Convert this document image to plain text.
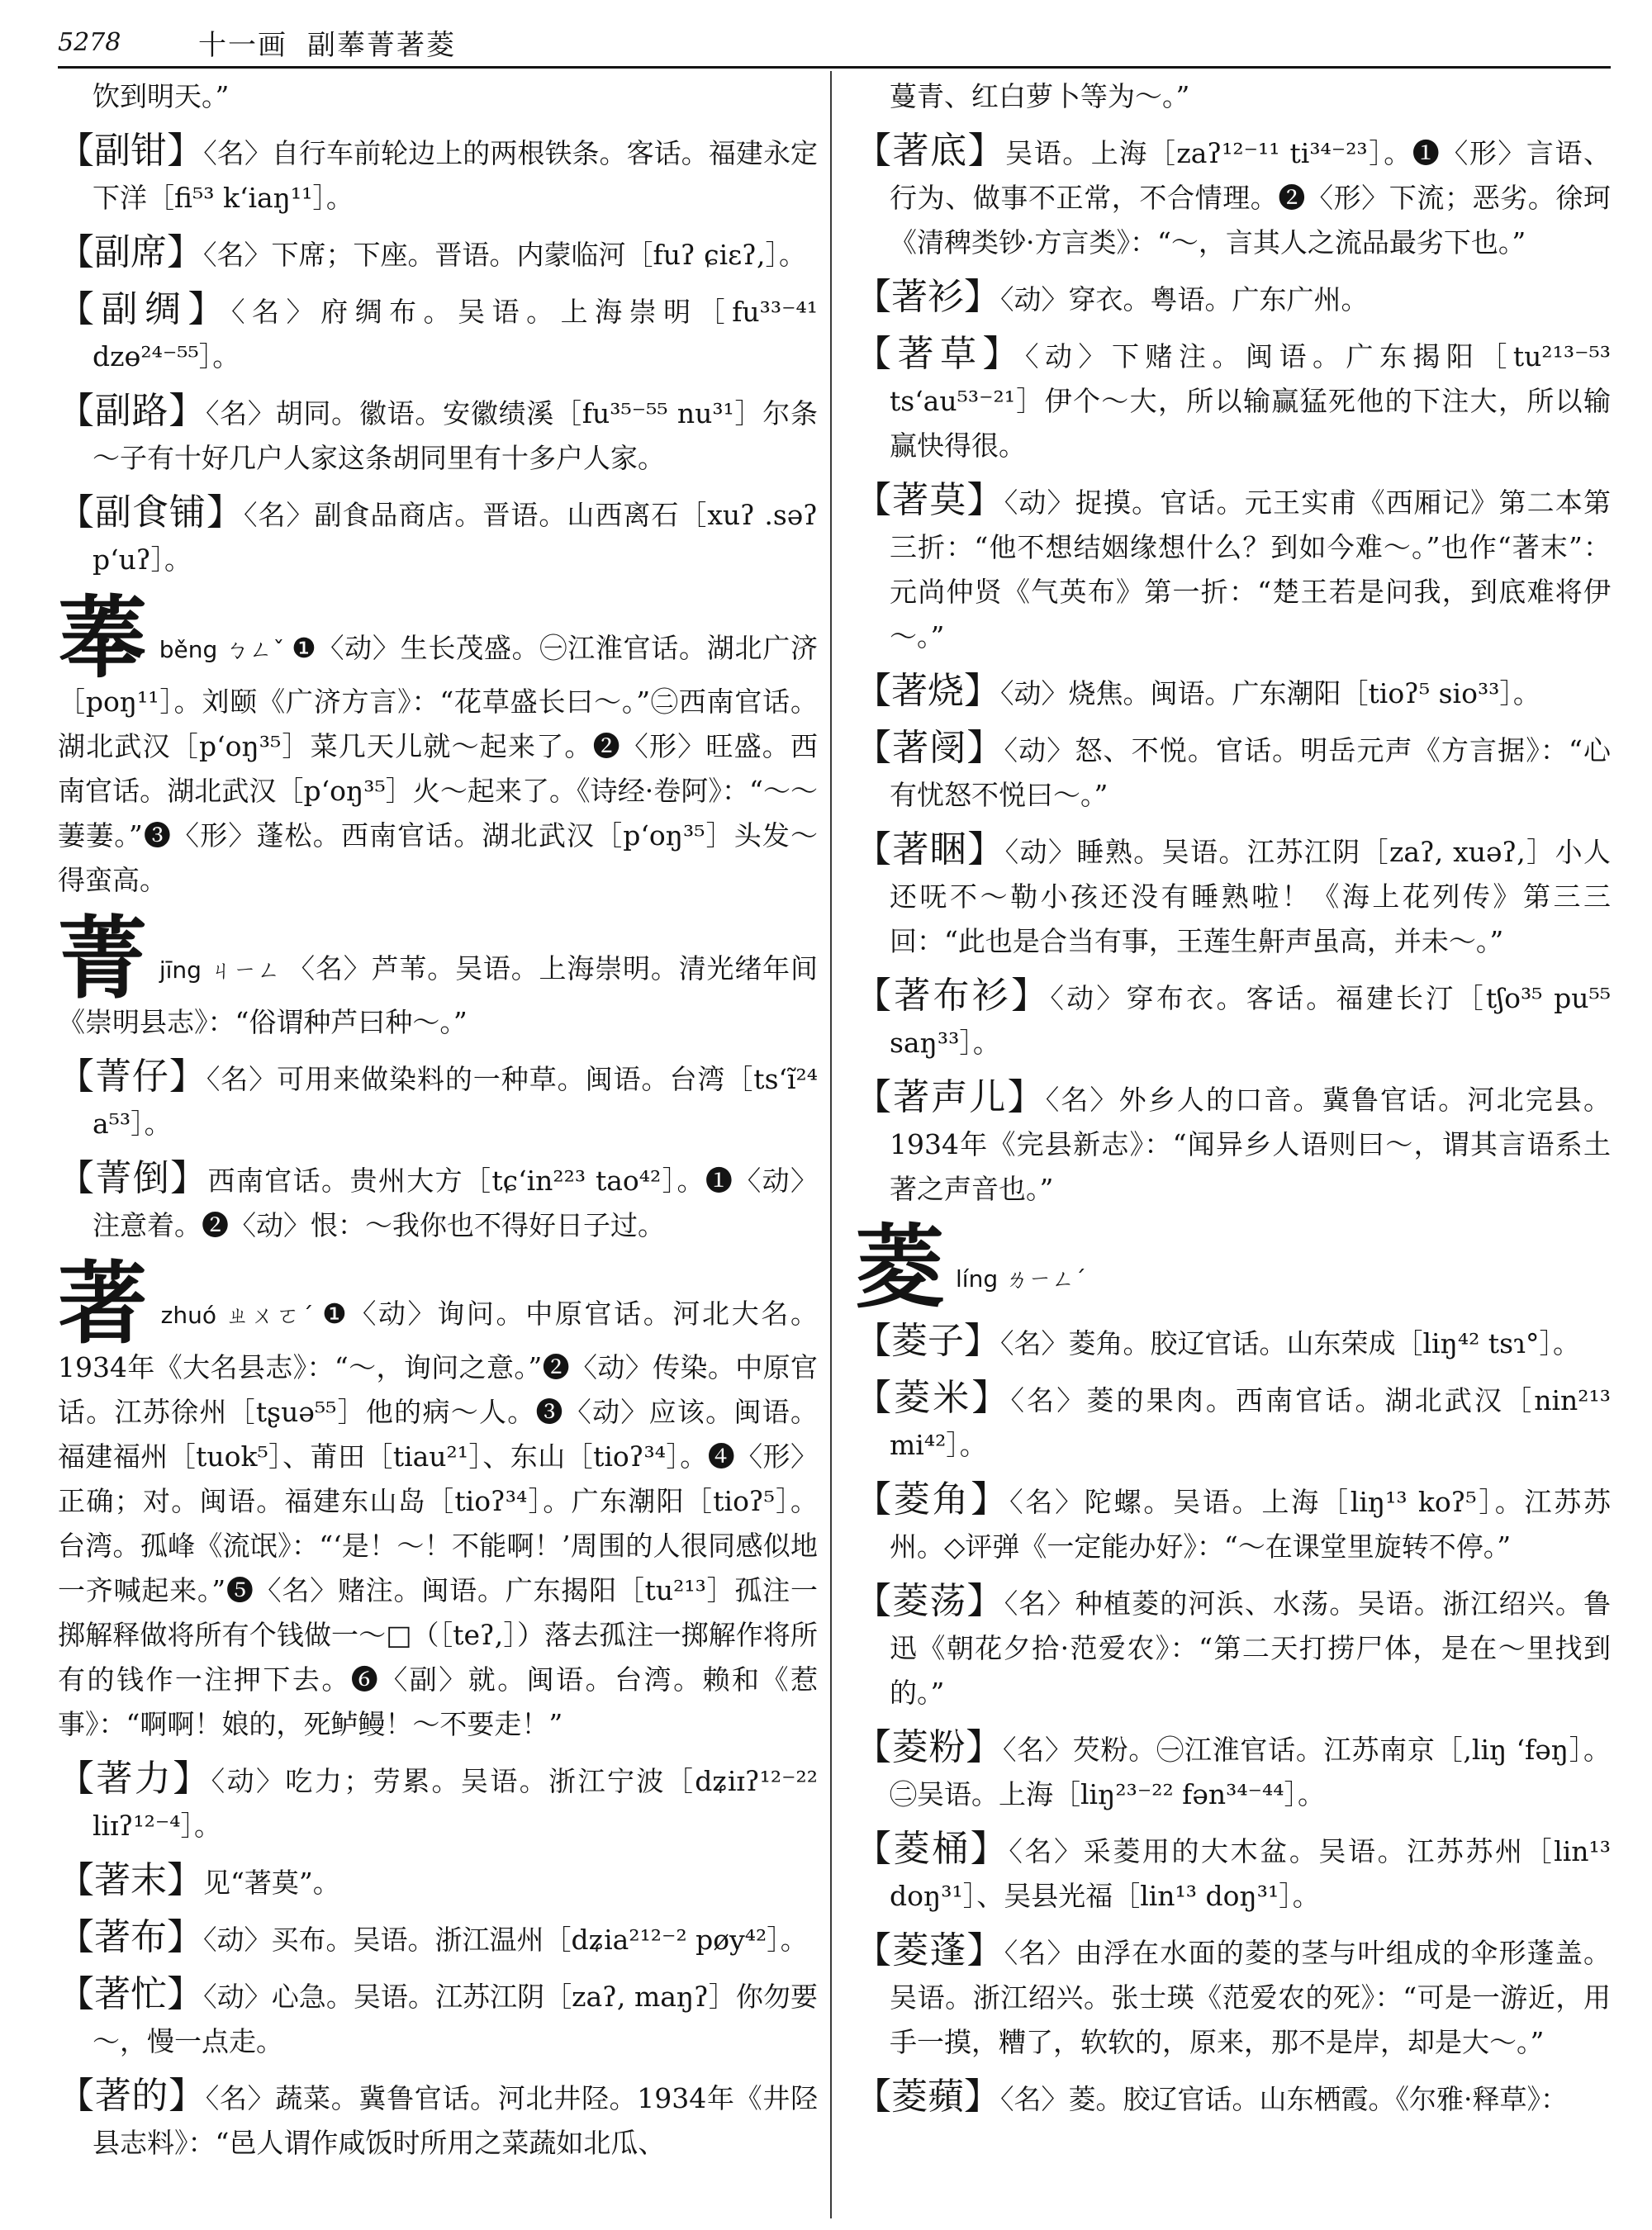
5278	十一画 副菶菁著菱

饮到明天。”

【副钳】〈名〉自行车前轮边上的两根铁条。客话。福建永定下洋［fi⁵³ k‘iaŋ¹¹］。

【副席】〈名〉下席；下座。晋语。内蒙临河［fuʔ ɕiɛʔ,］。

【副绸】〈名〉府绸布。吴语。上海崇明［fu³³⁻⁴¹ dzɵ²⁴⁻⁵⁵］。

【副路】〈名〉胡同。徽语。安徽绩溪［fu³⁵⁻⁵⁵ nu³¹］尔条～子有十好几户人家这条胡同里有十多户人家。

【副食铺】〈名〉副食品商店。晋语。山西离石［xuʔ .səʔ p‘uʔ］。

菶běng ㄅㄥˇ ❶〈动〉生长茂盛。㊀江淮官话。湖北广济［poŋ¹¹］。刘颐《广济方言》：“花草盛长曰～。”㊁西南官话。湖北武汉［p‘oŋ³⁵］菜几天儿就～起来了。❷〈形〉旺盛。西南官话。湖北武汉［p‘oŋ³⁵］火～起来了。《诗经·卷阿》：“～～萋萋。”❸〈形〉蓬松。西南官话。湖北武汉［p‘oŋ³⁵］头发～得蛮高。

菁jīng ㄐㄧㄥ 〈名〉芦苇。吴语。上海崇明。清光绪年间《崇明县志》：“俗谓种芦曰种～。”

【菁仔】〈名〉可用来做染料的一种草。闽语。台湾［ts‘ĩ²⁴ a⁵³］。

【菁倒】西南官话。贵州大方［tɕ‘in²²³ tao⁴²］。❶〈动〉注意着。❷〈动〉恨：～我你也不得好日子过。

著zhuó ㄓㄨㄛˊ ❶〈动〉询问。中原官话。河北大名。1934年《大名县志》：“～，询问之意。”❷〈动〉传染。中原官话。江苏徐州［tʂuə⁵⁵］他的病～人。❸〈动〉应该。闽语。福建福州［tuok⁵］、莆田［tiau²¹］、东山［tioʔ³⁴］。❹〈形〉正确；对。闽语。福建东山岛［tioʔ³⁴］。广东潮阳［tioʔ⁵］。台湾。孤峰《流氓》：“‘是！～！不能啊！’周围的人很同感似地一齐喊起来。”❺〈名〉赌注。闽语。广东揭阳［tu²¹³］孤注一掷解释做将所有个钱做一～□（［teʔ,］）落去孤注一掷解作将所有的钱作一注押下去。❻〈副〉就。闽语。台湾。赖和《惹事》：“啊啊！娘的，死鲈鳗！～不要走！”

【著力】〈动〉吃力；劳累。吴语。浙江宁波［dʑiɪʔ¹²⁻²² liɪʔ¹²⁻⁴］。

【著末】见“著莫”。

【著布】〈动〉买布。吴语。浙江温州［dʑia²¹²⁻² pøy⁴²］。

【著忙】〈动〉心急。吴语。江苏江阴［zaʔ, maŋʔ］你勿要～，慢一点走。

【著的】〈名〉蔬菜。冀鲁官话。河北井陉。1934年《井陉县志料》：“邑人谓作咸饭时所用之菜蔬如北瓜、

蔓青、红白萝卜等为～。”

【著底】吴语。上海［zaʔ¹²⁻¹¹ ti³⁴⁻²³］。❶〈形〉言语、行为、做事不正常，不合情理。❷〈形〉下流；恶劣。徐珂《清稗类钞·方言类》：“～，言其人之流品最劣下也。”

【著衫】〈动〉穿衣。粤语。广东广州。

【著草】〈动〉下赌注。闽语。广东揭阳［tu²¹³⁻⁵³ ts‘au⁵³⁻²¹］伊个～大，所以输赢猛死他的下注大，所以输赢快得很。

【著莫】〈动〉捉摸。官话。元王实甫《西厢记》第二本第三折：“他不想结姻缘想什么？到如今难～。”也作“著末”：元尚仲贤《气英布》第一折：“楚王若是问我，到底难将伊～。”

【著烧】〈动〉烧焦。闽语。广东潮阳［tioʔ⁵ sio³³］。

【著阌】〈动〉怒、不悦。官话。明岳元声《方言据》：“心有忧怒不悦曰～。”

【著睏】〈动〉睡熟。吴语。江苏江阴［zaʔ, xuəʔ,］小人还呒不～勒小孩还没有睡熟啦！《海上花列传》第三三回：“此也是合当有事，王莲生鼾声虽高，并未～。”

【著布衫】〈动〉穿布衣。客话。福建长汀［tʃo³⁵ pu⁵⁵ saŋ³³］。

【著声儿】〈名〉外乡人的口音。冀鲁官话。河北完县。1934年《完县新志》：“闻异乡人语则曰～，谓其言语系土著之声音也。”

菱líng ㄌㄧㄥˊ

【菱子】〈名〉菱角。胶辽官话。山东荣成［liŋ⁴² tsɿ°］。

【菱米】〈名〉菱的果肉。西南官话。湖北武汉［nin²¹³ mi⁴²］。

【菱角】〈名〉陀螺。吴语。上海［liŋ¹³ koʔ⁵］。江苏苏州。◇评弹《一定能办好》：“～在课堂里旋转不停。”

【菱荡】〈名〉种植菱的河浜、水荡。吴语。浙江绍兴。鲁迅《朝花夕拾·范爱农》：“第二天打捞尸体，是在～里找到的。”

【菱粉】〈名〉芡粉。㊀江淮官话。江苏南京［,liŋ ‘fəŋ］。㊁吴语。上海［liŋ²³⁻²² fən³⁴⁻⁴⁴］。

【菱桶】〈名〉采菱用的大木盆。吴语。江苏苏州［lin¹³ doŋ³¹］、吴县光福［lin¹³ doŋ³¹］。

【菱蓬】〈名〉由浮在水面的菱的茎与叶组成的伞形蓬盖。吴语。浙江绍兴。张士瑛《范爱农的死》：“可是一游近，用手一摸，糟了，软软的，原来，那不是岸，却是大～。”

【菱蘋】〈名〉菱。胶辽官话。山东栖霞。《尔雅·释草》：
